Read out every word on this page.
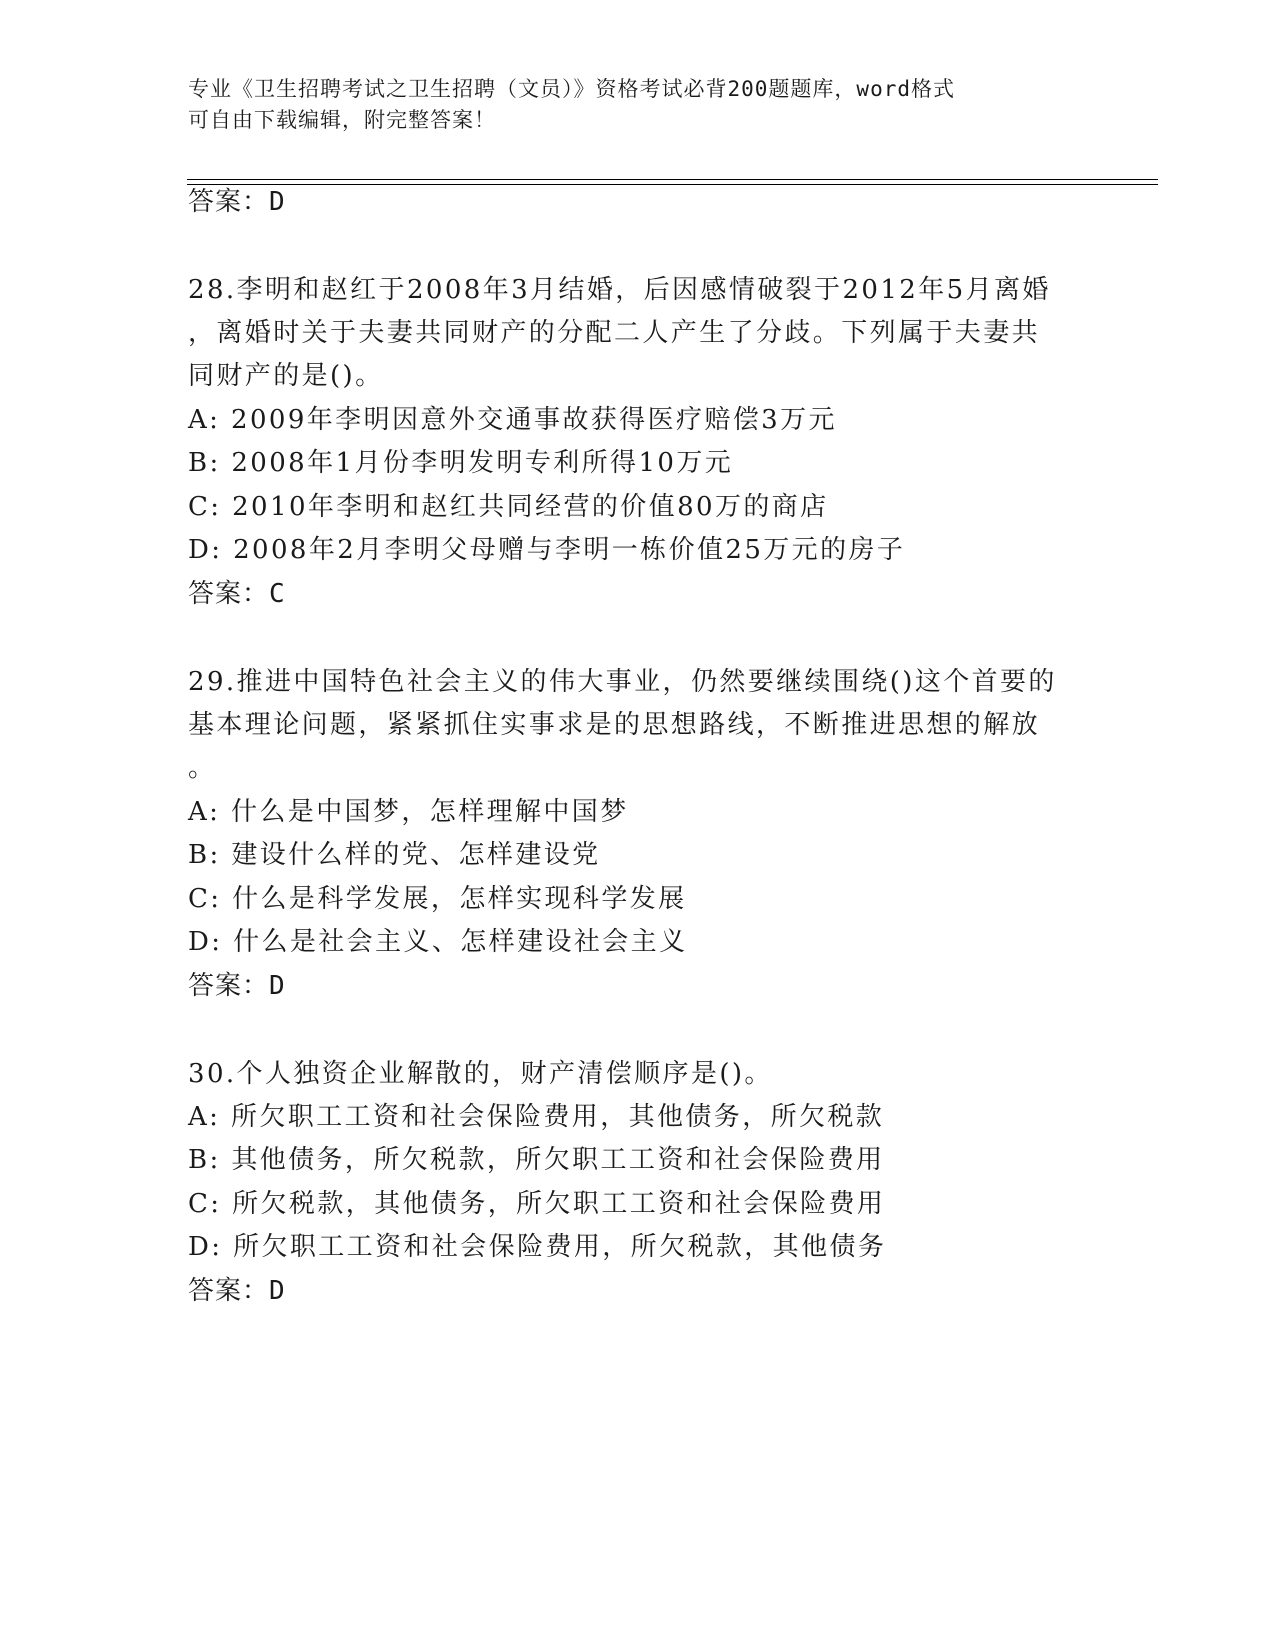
专业《卫生招聘考试之卫生招聘（文员）》资格考试必背200题题库，word格式
可自由下载编辑，附完整答案！
答案：D
28.李明和赵红于2008年3月结婚，后因感情破裂于2012年5月离婚
，离婚时关于夫妻共同财产的分配二人产生了分歧。下列属于夫妻共
同财产的是()。
A: 2009年李明因意外交通事故获得医疗赔偿3万元
B: 2008年1月份李明发明专利所得10万元
C: 2010年李明和赵红共同经营的价值80万的商店
D: 2008年2月李明父母赠与李明一栋价值25万元的房子
答案：C
29.推进中国特色社会主义的伟大事业，仍然要继续围绕()这个首要的
基本理论问题，紧紧抓住实事求是的思想路线，不断推进思想的解放
。
A: 什么是中国梦，怎样理解中国梦
B: 建设什么样的党、怎样建设党
C: 什么是科学发展，怎样实现科学发展
D: 什么是社会主义、怎样建设社会主义
答案：D
30.个人独资企业解散的，财产清偿顺序是()。
A: 所欠职工工资和社会保险费用，其他债务，所欠税款
B: 其他债务，所欠税款，所欠职工工资和社会保险费用
C: 所欠税款，其他债务，所欠职工工资和社会保险费用
D: 所欠职工工资和社会保险费用，所欠税款，其他债务
答案：D
